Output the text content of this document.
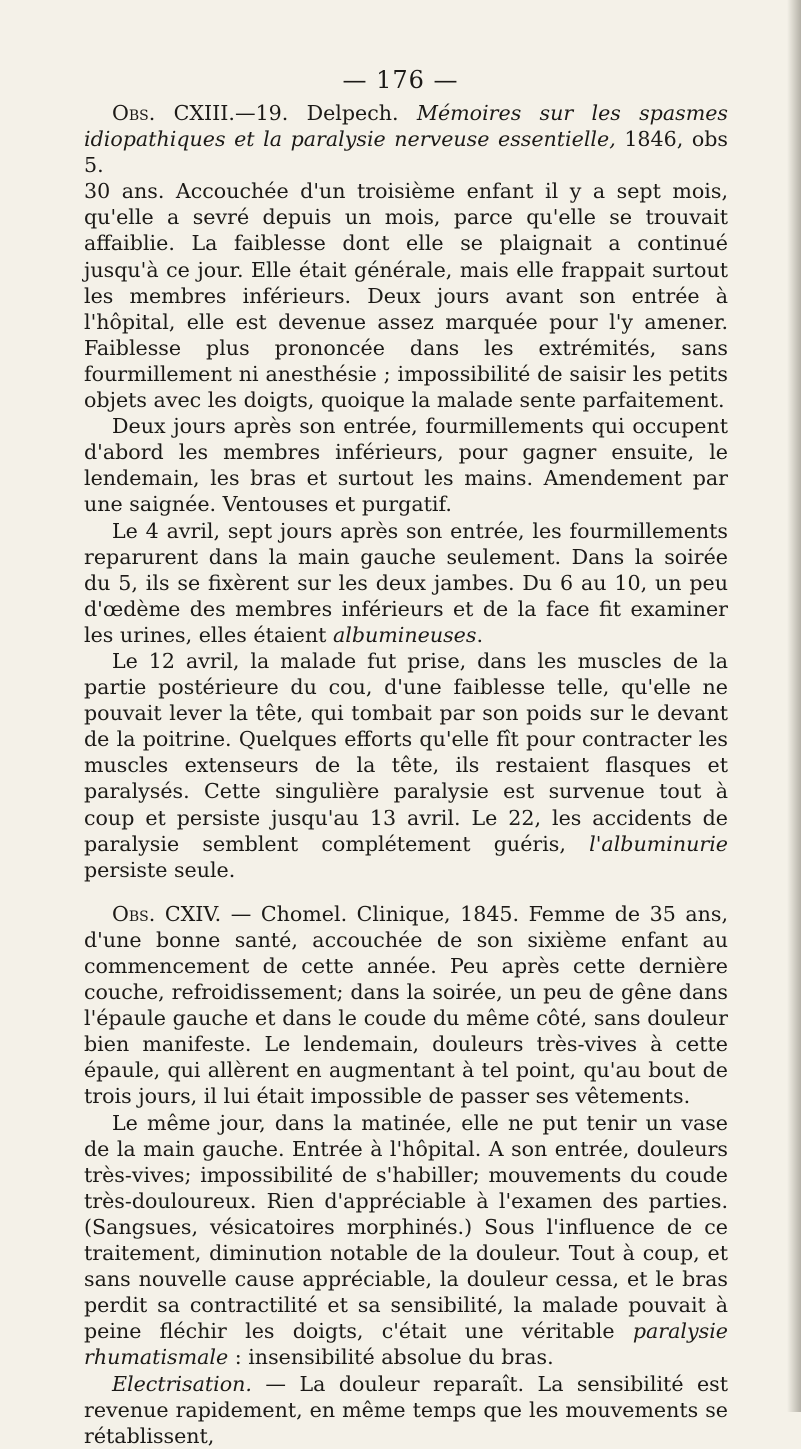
— 176 —

Obs. CXIII.—19. Delpech. Mémoires sur les spasmes idiopathiques et la paralysie nerveuse essentielle, 1846, obs 5.
30 ans. Accouchée d'un troisième enfant il y a sept mois, qu'elle a sevré depuis un mois, parce qu'elle se trouvait affaiblie. La faiblesse dont elle se plaignait a continué jusqu'à ce jour. Elle était générale, mais elle frappait surtout les membres inférieurs. Deux jours avant son entrée à l'hôpital, elle est devenue assez marquée pour l'y amener. Faiblesse plus prononcée dans les extrémités, sans fourmillement ni anesthésie ; impossibilité de saisir les petits objets avec les doigts, quoique la malade sente parfaitement.

Deux jours après son entrée, fourmillements qui occupent d'abord les membres inférieurs, pour gagner ensuite, le lendemain, les bras et surtout les mains. Amendement par une saignée. Ventouses et purgatif.

Le 4 avril, sept jours après son entrée, les fourmillements reparurent dans la main gauche seulement. Dans la soirée du 5, ils se fixèrent sur les deux jambes. Du 6 au 10, un peu d'œdème des membres inférieurs et de la face fit examiner les urines, elles étaient albumineuses.

Le 12 avril, la malade fut prise, dans les muscles de la partie postérieure du cou, d'une faiblesse telle, qu'elle ne pouvait lever la tête, qui tombait par son poids sur le devant de la poitrine. Quelques efforts qu'elle fît pour contracter les muscles extenseurs de la tête, ils restaient flasques et paralysés. Cette singulière paralysie est survenue tout à coup et persiste jusqu'au 13 avril. Le 22, les accidents de paralysie semblent complétement guéris, l'albuminurie persiste seule.

Obs. CXIV. — Chomel. Clinique, 1845. Femme de 35 ans, d'une bonne santé, accouchée de son sixième enfant au commencement de cette année. Peu après cette dernière couche, refroidissement; dans la soirée, un peu de gêne dans l'épaule gauche et dans le coude du même côté, sans douleur bien manifeste. Le lendemain, douleurs très-vives à cette épaule, qui allèrent en augmentant à tel point, qu'au bout de trois jours, il lui était impossible de passer ses vêtements.

Le même jour, dans la matinée, elle ne put tenir un vase de la main gauche. Entrée à l'hôpital. A son entrée, douleurs très-vives; impossibilité de s'habiller; mouvements du coude très-douloureux. Rien d'appréciable à l'examen des parties. (Sangsues, vésicatoires morphinés.) Sous l'influence de ce traitement, diminution notable de la douleur. Tout à coup, et sans nouvelle cause appréciable, la douleur cessa, et le bras perdit sa contractilité et sa sensibilité, la malade pouvait à peine fléchir les doigts, c'était une véritable paralysie rhumatismale : insensibilité absolue du bras.

Electrisation. — La douleur reparaît. La sensibilité est revenue rapidement, en même temps que les mouvements se rétablissent,
